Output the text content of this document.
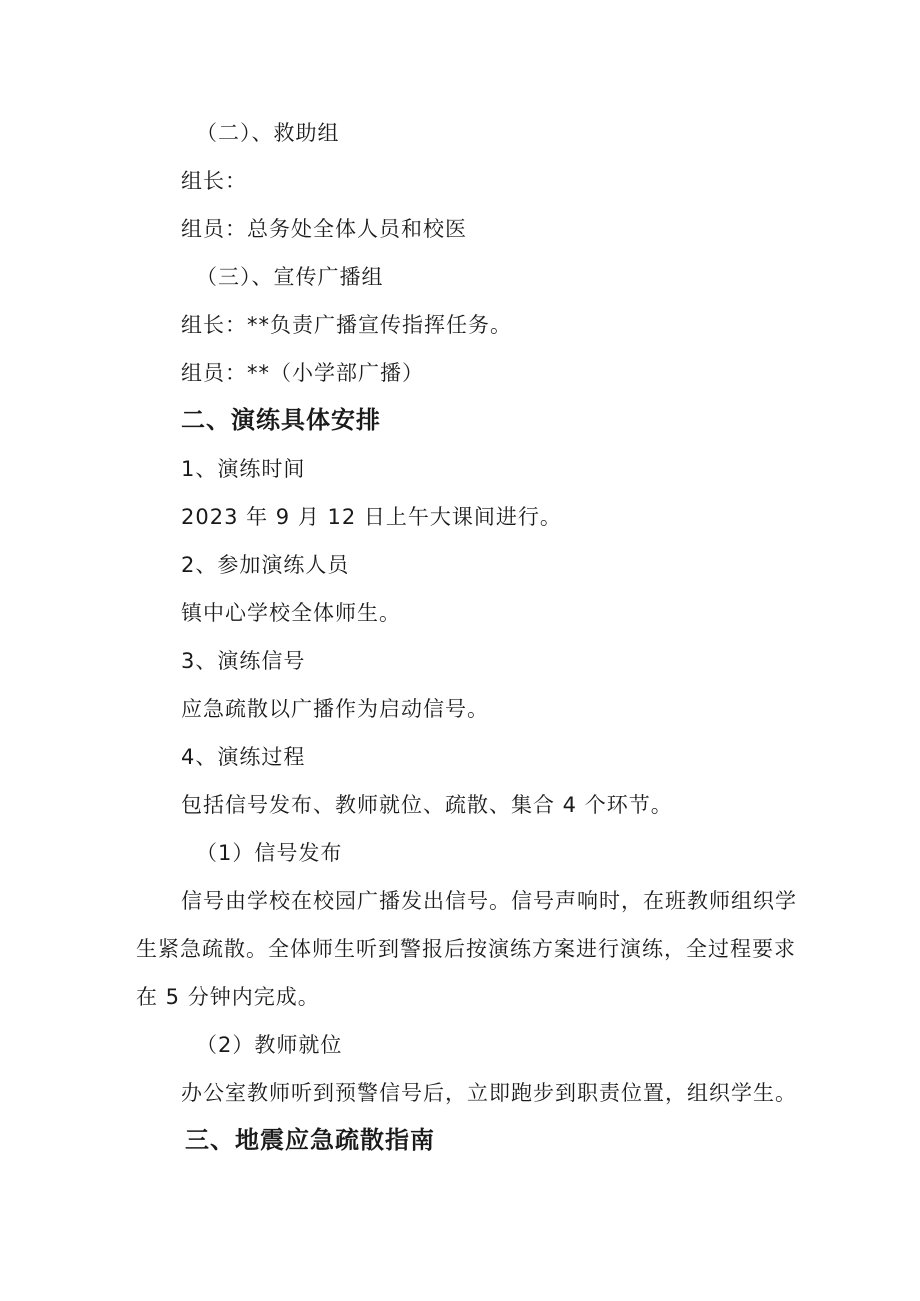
（二）、救助组
组长：
组员：总务处全体人员和校医
（三）、宣传广播组
组长：**负责广播宣传指挥任务。
组员：**（小学部广播）
二、演练具体安排
1、演练时间
2023 年 9 月 12 日上午大课间进行。
2、参加演练人员
镇中心学校全体师生。
3、演练信号
应急疏散以广播作为启动信号。
4、演练过程
包括信号发布、教师就位、疏散、集合 4 个环节。
（1）信号发布
信号由学校在校园广播发出信号。信号声响时，在班教师组织学
生紧急疏散。全体师生听到警报后按演练方案进行演练，全过程要求
在 5 分钟内完成。
（2）教师就位
办公室教师听到预警信号后，立即跑步到职责位置，组织学生。
三、地震应急疏散指南
